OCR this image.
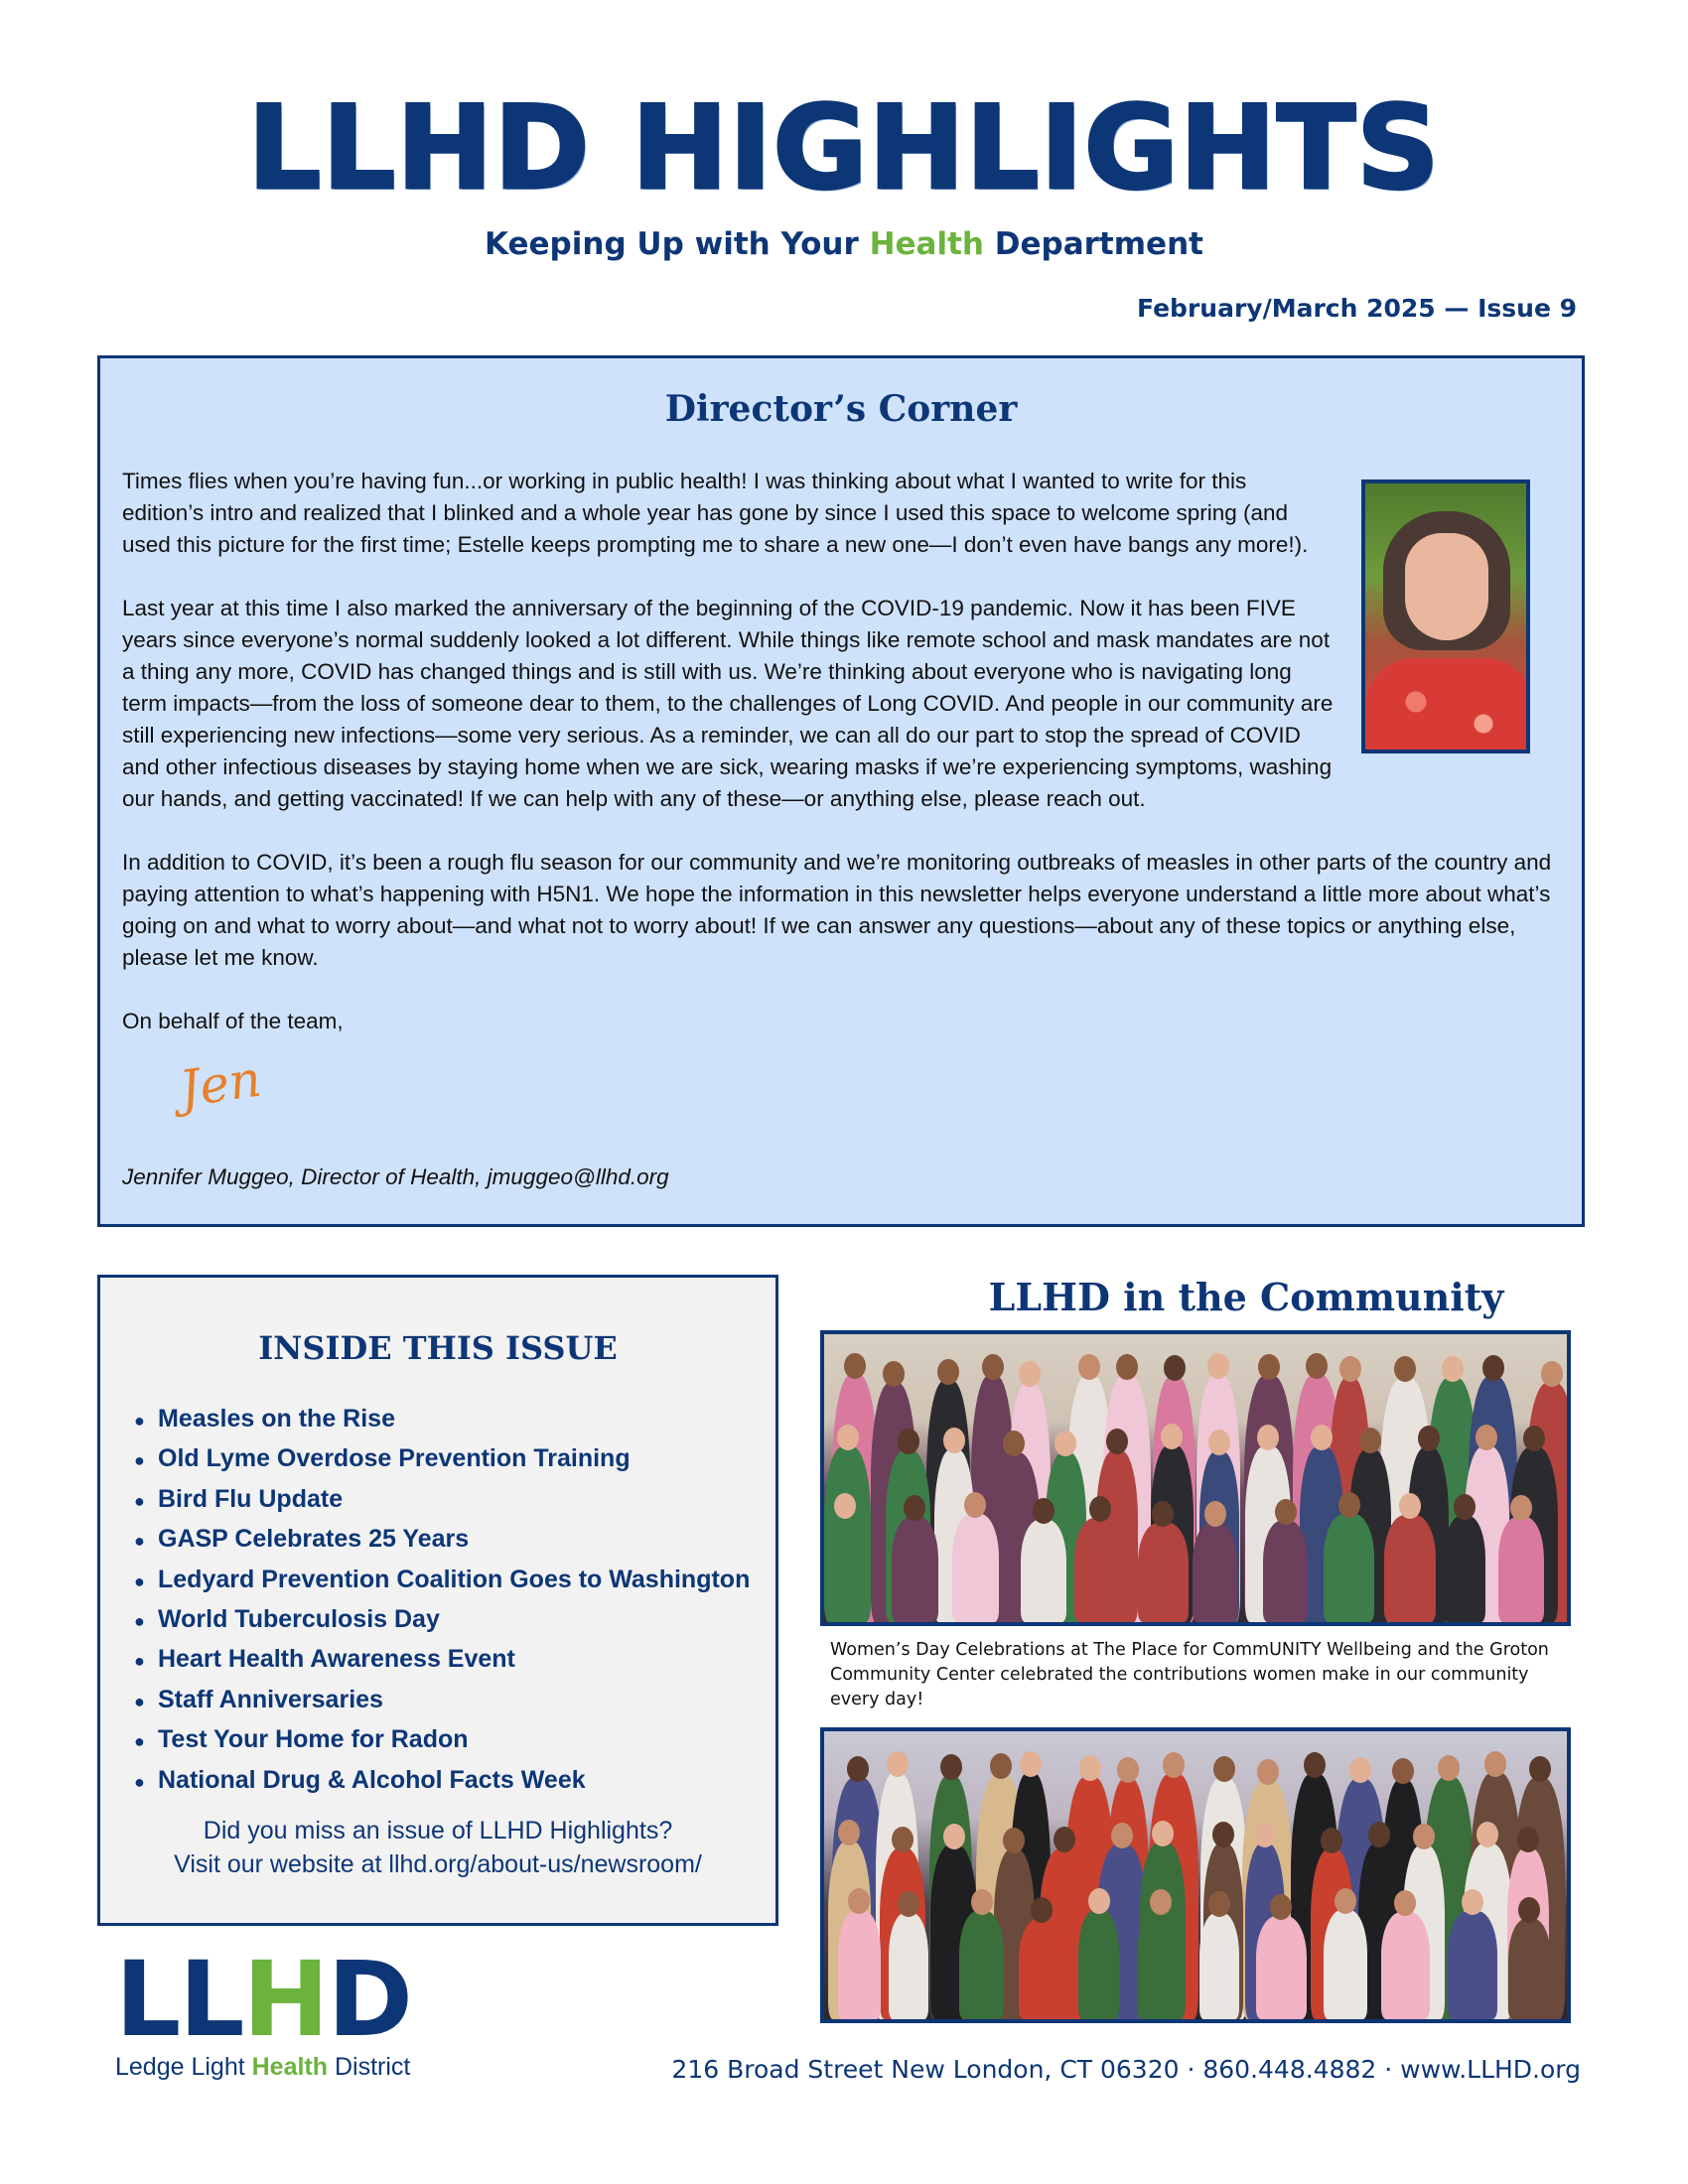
LLHD HIGHLIGHTS
Keeping Up with Your Health Department
February/March 2025 — Issue 9
Director’s Corner

Times flies when you’re having fun...or working in public health! I was thinking about what I wanted to write for this edition’s intro and realized that I blinked and a whole year has gone by since I used this space to welcome spring (and used this picture for the first time; Estelle keeps prompting me to share a new one—I don’t even have bangs any more!).

Last year at this time I also marked the anniversary of the beginning of the COVID-19 pandemic. Now it has been FIVE years since everyone’s normal suddenly looked a lot different. While things like remote school and mask mandates are not a thing any more, COVID has changed things and is still with us. We’re thinking about everyone who is navigating long term impacts—from the loss of someone dear to them, to the challenges of Long COVID. And people in our community are still experiencing new infections—some very serious. As a reminder, we can all do our part to stop the spread of COVID and other infectious diseases by staying home when we are sick, wearing masks if we’re experiencing symptoms, washing our hands, and getting vaccinated! If we can help with any of these—or anything else, please reach out.

In addition to COVID, it’s been a rough flu season for our community and we’re monitoring outbreaks of measles in other parts of the country and paying attention to what’s happening with H5N1. We hope the information in this newsletter helps everyone understand a little more about what’s going on and what to worry about—and what not to worry about! If we can answer any questions—about any of these topics or anything else, please let me know.

On behalf of the team,

Jen
Jennifer Muggeo, Director of Health, jmuggeo@llhd.org
INSIDE THIS ISSUE
● Measles on the Rise
● Old Lyme Overdose Prevention Training
● Bird Flu Update
● GASP Celebrates 25 Years
● Ledyard Prevention Coalition Goes to Washington
● World Tuberculosis Day
● Heart Health Awareness Event
● Staff Anniversaries
● Test Your Home for Radon
● National Drug & Alcohol Facts Week
Did you miss an issue of LLHD Highlights?
Visit our website at llhd.org/about-us/newsroom/
LLHD
Ledge Light Health District
LLHD in the Community
Women’s Day Celebrations at The Place for CommUNITY Wellbeing and the Groton Community Center celebrated the contributions women make in our community every day!
216 Broad Street New London, CT 06320 · 860.448.4882 · www.LLHD.org
